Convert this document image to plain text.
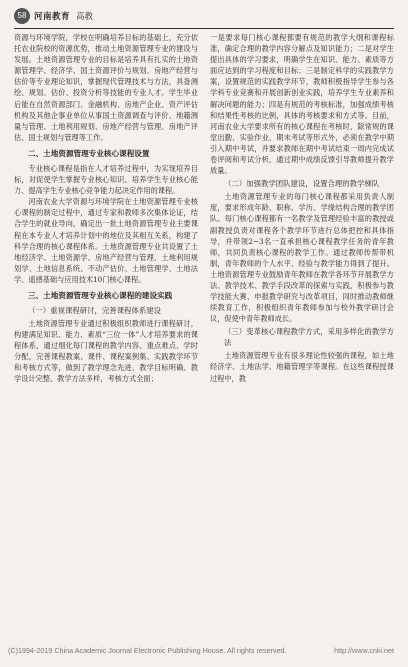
58 河南教育 高教

资源与环境学院，学校在明确培养目标的基础上，充分依托农业院校的资源优势，推动土地资源管理专业的建设与发展。土地资源管理专业的目标是培养具有扎实的土地资源管理学、经济学、国土资源评价与规划、房地产经营与估价等专业理论知识，掌握现代管理技术与方法，具备测绘、规划、估价、投资分析等技能的专业人才。学生毕业后能在自然资源部门、金融机构、房地产企业、资产评估机构及其他企事业单位从事国土资源调查与评价、地籍测量与管理、土地利用规划、房地产经营与管理、房地产评估、国土规划与管理等工作。

二、土地资源管理专业核心课程设置

专业核心课程是指在人才培养过程中，为实现培养目标，对促使学生掌握专业核心知识、培养学生专业核心能力、提高学生专业核心竞争能力起决定作用的课程。

河南农业大学资源与环境学院在土地资源管理专业核心课程的制定过程中，通过专家和教师多次集体论证，结合学生的就业导向，确定出一批土地资源管理专业主要课程在本专业人才培养计划中的地位及其相互关系，构建了科学合理的核心课程体系。土地资源管理专业共设置了土地经济学、土地资源学、房地产经营与管理、土地利用规划学、土地信息系统、不动产估价、土地管理学、土地法学、遥感基础与应用技术10门核心课程。

三、土地资源管理专业核心课程的建设实践
（一）重视课程研讨，完善课程体系建设

土地资源管理专业通过积极组织教师进行课程研讨，构建满足知识、能力、素质“三位一体”人才培养要求的课程体系，通过细化每门课程的教学内容、重点难点、学时分配，完善课程教案、课件、课程案例集、实践教学环节和考核方式等，做到了教学理念先进、教学目标明确、教学设计完整、教学方法多样，考核方式全面；

一是要求每门核心课程都要有规范的教学大纲和课程标准，确定合理的教学内容分解点及知识能力；二是对学生提出具体的学习要求，明确学生在知识、能力、素质等方面应达到的学习程度和目标；三是制定科学的实践教学方案，设置规范的实践教学环节，教师积极指导学生参与各学科专业竞赛和开展创新创业实践，培养学生专业素养和解决问题的能力；四是有规范的考核标准，加强成绩考核和结果性考核的比例，具体的考核要求和方式等。目前，河南农业大学要求所有的核心课程在考核时，除常规的课堂出勤、实验作业、期末考试等形式外，必须在教学中期引入期中考试，并要求教师在期中考试结束一周内完成试卷评阅和考试分析，通过期中成绩反馈引导教师提升教学质量。

（二）加强教学团队建设，设置合理的教学梯队

土地资源管理专业的每门核心课程都采用负责人制度，要求形成年龄、职称、学历、学缘结构合理的教学团队。每门核心课程都有一名教学及管理经验丰富的教授或副教授负责对课程各个教学环节进行总体把控和具体指导，并带领2~3名一直承担核心课程教学任务的青年教师，共同负责核心课程的教学工作。通过教师传帮带机制，青年教师的个人水平、经验与教学能力得到了提升。土地资源管理专业鼓励青年教师在教学各环节开展教学方法、教学技术、教学手段改革的探索与实践，积极参与教学技能大赛、申报教学研究与改革项目，同时推动教师继续教育工作，积极组织青年教师参加与校外教学研讨会议，促使中青年教师成长。

（三）变革核心课程教学方式，采用多样化的教学方法

土地资源管理专业有很多理论性较强的课程，如土地经济学、土地法学、地籍管理学等课程。在这些课程授课过程中，教

(C)1994-2019 China Academic Journal Electronic Publishing House. All rights reserved.	http://www.cnki.net
